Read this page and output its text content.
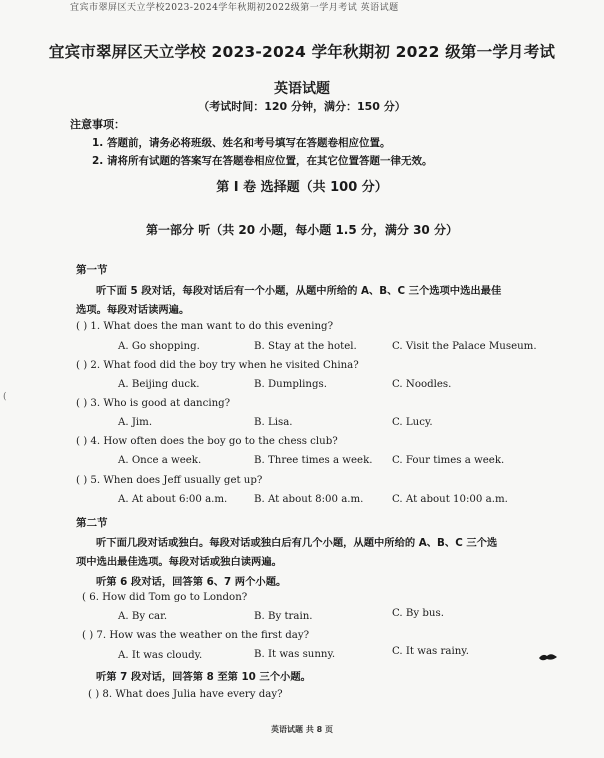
宜宾市翠屏区天立学校2023-2024学年秋期初2022级第一学月考试 英语试题
宜宾市翠屏区天立学校 2023-2024 学年秋期初 2022 级第一学月考试
英语试题
（考试时间：120 分钟，满分：150 分）
注意事项：
1. 答题前，请务必将班级、姓名和考号填写在答题卷相应位置。
2. 请将所有试题的答案写在答题卷相应位置，在其它位置答题一律无效。
第 I 卷 选择题（共 100 分）
第一部分 听（共 20 小题，每小题 1.5 分，满分 30 分）
第一节
听下面 5 段对话，每段对话后有一个小题，从题中所给的 A、B、C 三个选项中选出最佳
选项。每段对话读两遍。
( ) 1. What does the man want to do this evening?
A. Go shopping.	B. Stay at the hotel.	C. Visit the Palace Museum.
( ) 2. What food did the boy try when he visited China?
A. Beijing duck.	B. Dumplings.	C. Noodles.
( ) 3. Who is good at dancing?
A. Jim.	B. Lisa.	C. Lucy.
( ) 4. How often does the boy go to the chess club?
A. Once a week.	B. Three times a week. C. Four times a week.
( ) 5. When does Jeff usually get up?
A. At about 6:00 a.m.	B. At about 8:00 a.m.	C. At about 10:00 a.m.
第二节
听下面几段对话或独白。每段对话或独白后有几个小题，从题中所给的 A、B、C 三个选
项中选出最佳选项。每段对话或独白读两遍。
听第 6 段对话，回答第 6、7 两个小题。
( 6. How did Tom go to London?
A. By car.	B. By train.	C. By bus.
( ) 7. How was the weather on the first day?
A. It was cloudy.	B. It was sunny.	C. It was rainy.
听第 7 段对话，回答第 8 至第 10 三个小题。
( ) 8. What does Julia have every day?
(
英语试题 共 8 页
